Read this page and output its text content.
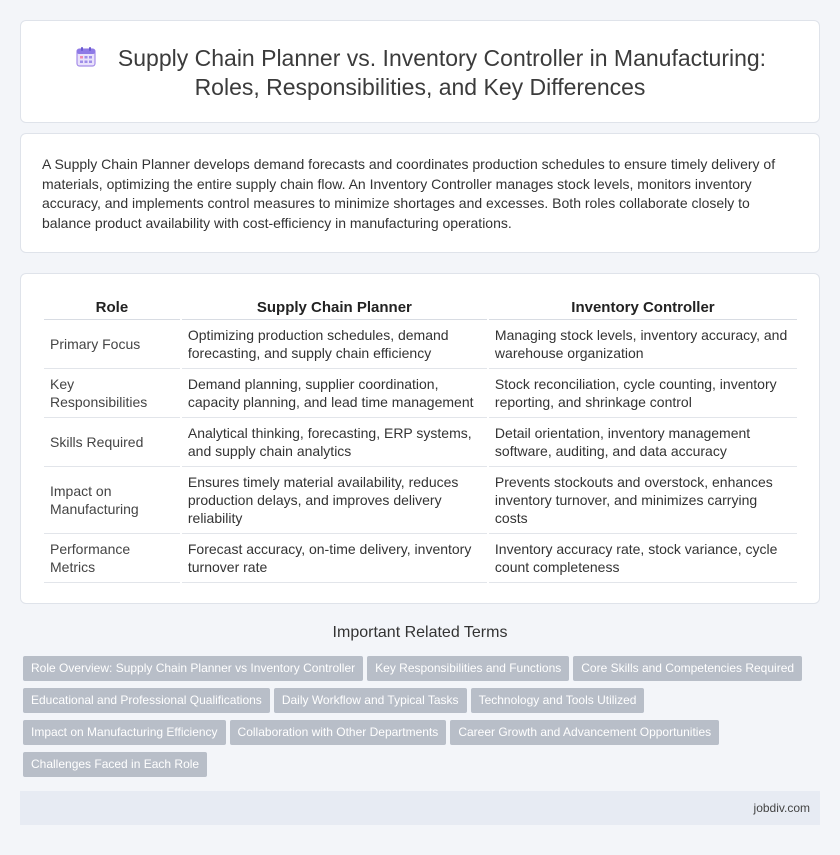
Supply Chain Planner vs. Inventory Controller in Manufacturing:
Roles, Responsibilities, and Key Differences

A Supply Chain Planner develops demand forecasts and coordinates production schedules to ensure timely delivery of materials, optimizing the entire supply chain flow. An Inventory Controller manages stock levels, monitors inventory accuracy, and implements control measures to minimize shortages and excesses. Both roles collaborate closely to balance product availability with cost-efficiency in manufacturing operations.

Role	Supply Chain Planner	Inventory Controller
Primary Focus	Optimizing production schedules, demand forecasting, and supply chain efficiency	Managing stock levels, inventory accuracy, and warehouse organization
Key Responsibilities	Demand planning, supplier coordination, capacity planning, and lead time management	Stock reconciliation, cycle counting, inventory reporting, and shrinkage control
Skills Required	Analytical thinking, forecasting, ERP systems, and supply chain analytics	Detail orientation, inventory management software, auditing, and data accuracy
Impact on Manufacturing	Ensures timely material availability, reduces production delays, and improves delivery reliability	Prevents stockouts and overstock, enhances inventory turnover, and minimizes carrying costs
Performance Metrics	Forecast accuracy, on-time delivery, inventory turnover rate	Inventory accuracy rate, stock variance, cycle count completeness
Important Related Terms
Role Overview: Supply Chain Planner vs Inventory Controller Key Responsibilities and Functions Core Skills and Competencies RequiredEducational and Professional Qualifications Daily Workflow and Typical Tasks Technology and Tools UtilizedImpact on Manufacturing Efficiency Collaboration with Other Departments Career Growth and Advancement OpportunitiesChallenges Faced in Each Role
jobdiv.com
